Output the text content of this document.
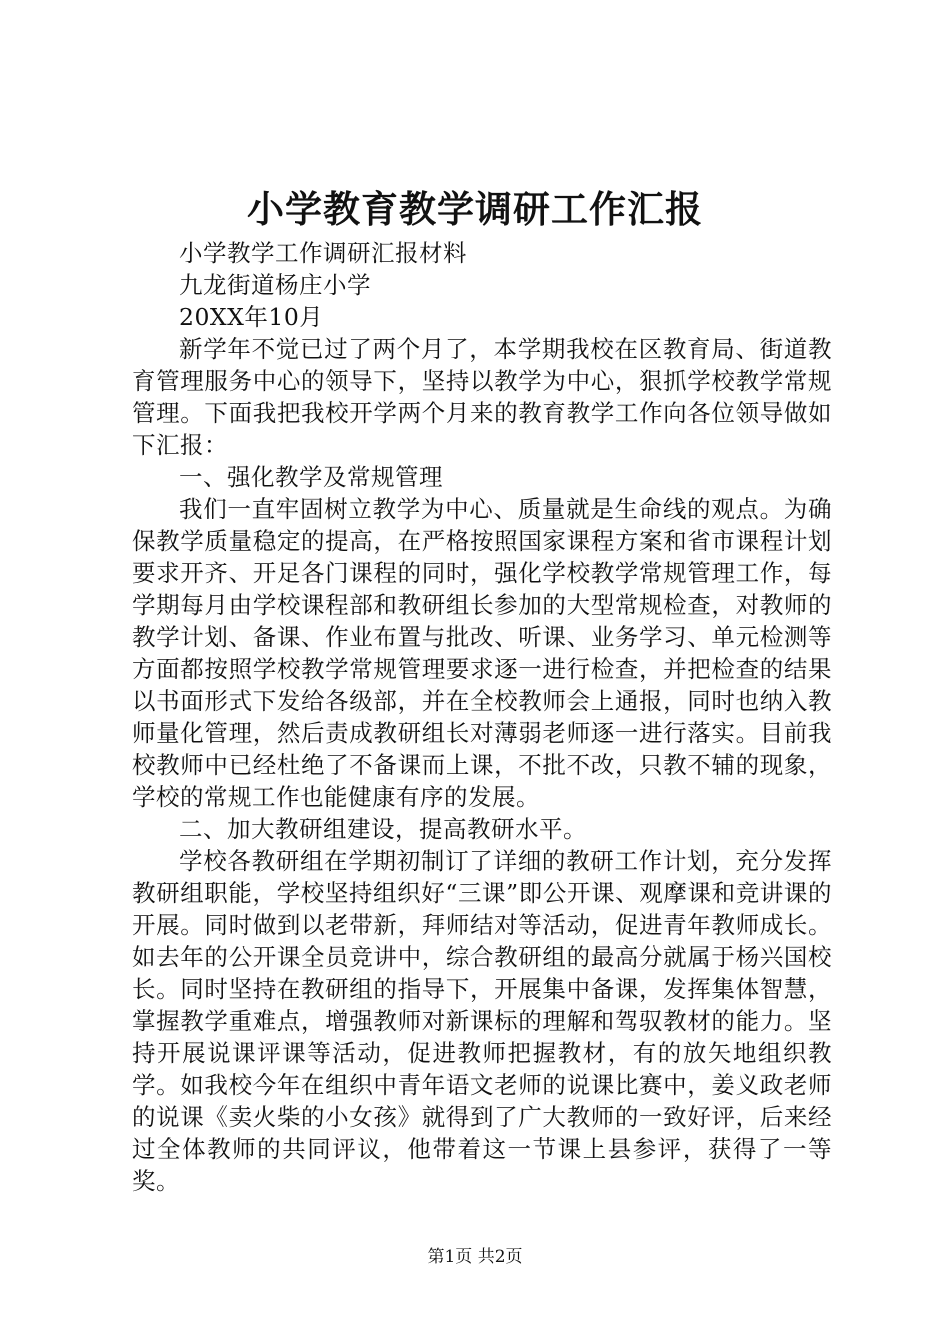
小学教育教学调研工作汇报

小学教学工作调研汇报材料

九龙街道杨庄小学

20XX年10月

新学年不觉已过了两个月了，本学期我校在区教育局、街道教育管理服务中心的领导下，坚持以教学为中心，狠抓学校教学常规管理。下面我把我校开学两个月来的教育教学工作向各位领导做如下汇报：

一、强化教学及常规管理

我们一直牢固树立教学为中心、质量就是生命线的观点。为确保教学质量稳定的提高，在严格按照国家课程方案和省市课程计划要求开齐、开足各门课程的同时，强化学校教学常规管理工作，每学期每月由学校课程部和教研组长参加的大型常规检查，对教师的教学计划、备课、作业布置与批改、听课、业务学习、单元检测等方面都按照学校教学常规管理要求逐一进行检查，并把检查的结果以书面形式下发给各级部，并在全校教师会上通报，同时也纳入教师量化管理，然后责成教研组长对薄弱老师逐一进行落实。目前我校教师中已经杜绝了不备课而上课，不批不改，只教不辅的现象，学校的常规工作也能健康有序的发展。

二、加大教研组建设，提高教研水平。

学校各教研组在学期初制订了详细的教研工作计划，充分发挥教研组职能，学校坚持组织好“三课”即公开课、观摩课和竞讲课的开展。同时做到以老带新，拜师结对等活动，促进青年教师成长。如去年的公开课全员竞讲中，综合教研组的最高分就属于杨兴国校长。同时坚持在教研组的指导下，开展集中备课，发挥集体智慧，掌握教学重难点，增强教师对新课标的理解和驾驭教材的能力。坚持开展说课评课等活动，促进教师把握教材，有的放矢地组织教学。如我校今年在组织中青年语文老师的说课比赛中，姜义政老师的说课《卖火柴的小女孩》就得到了广大教师的一致好评，后来经过全体教师的共同评议，他带着这一节课上县参评，获得了一等奖。

第1页 共2页
